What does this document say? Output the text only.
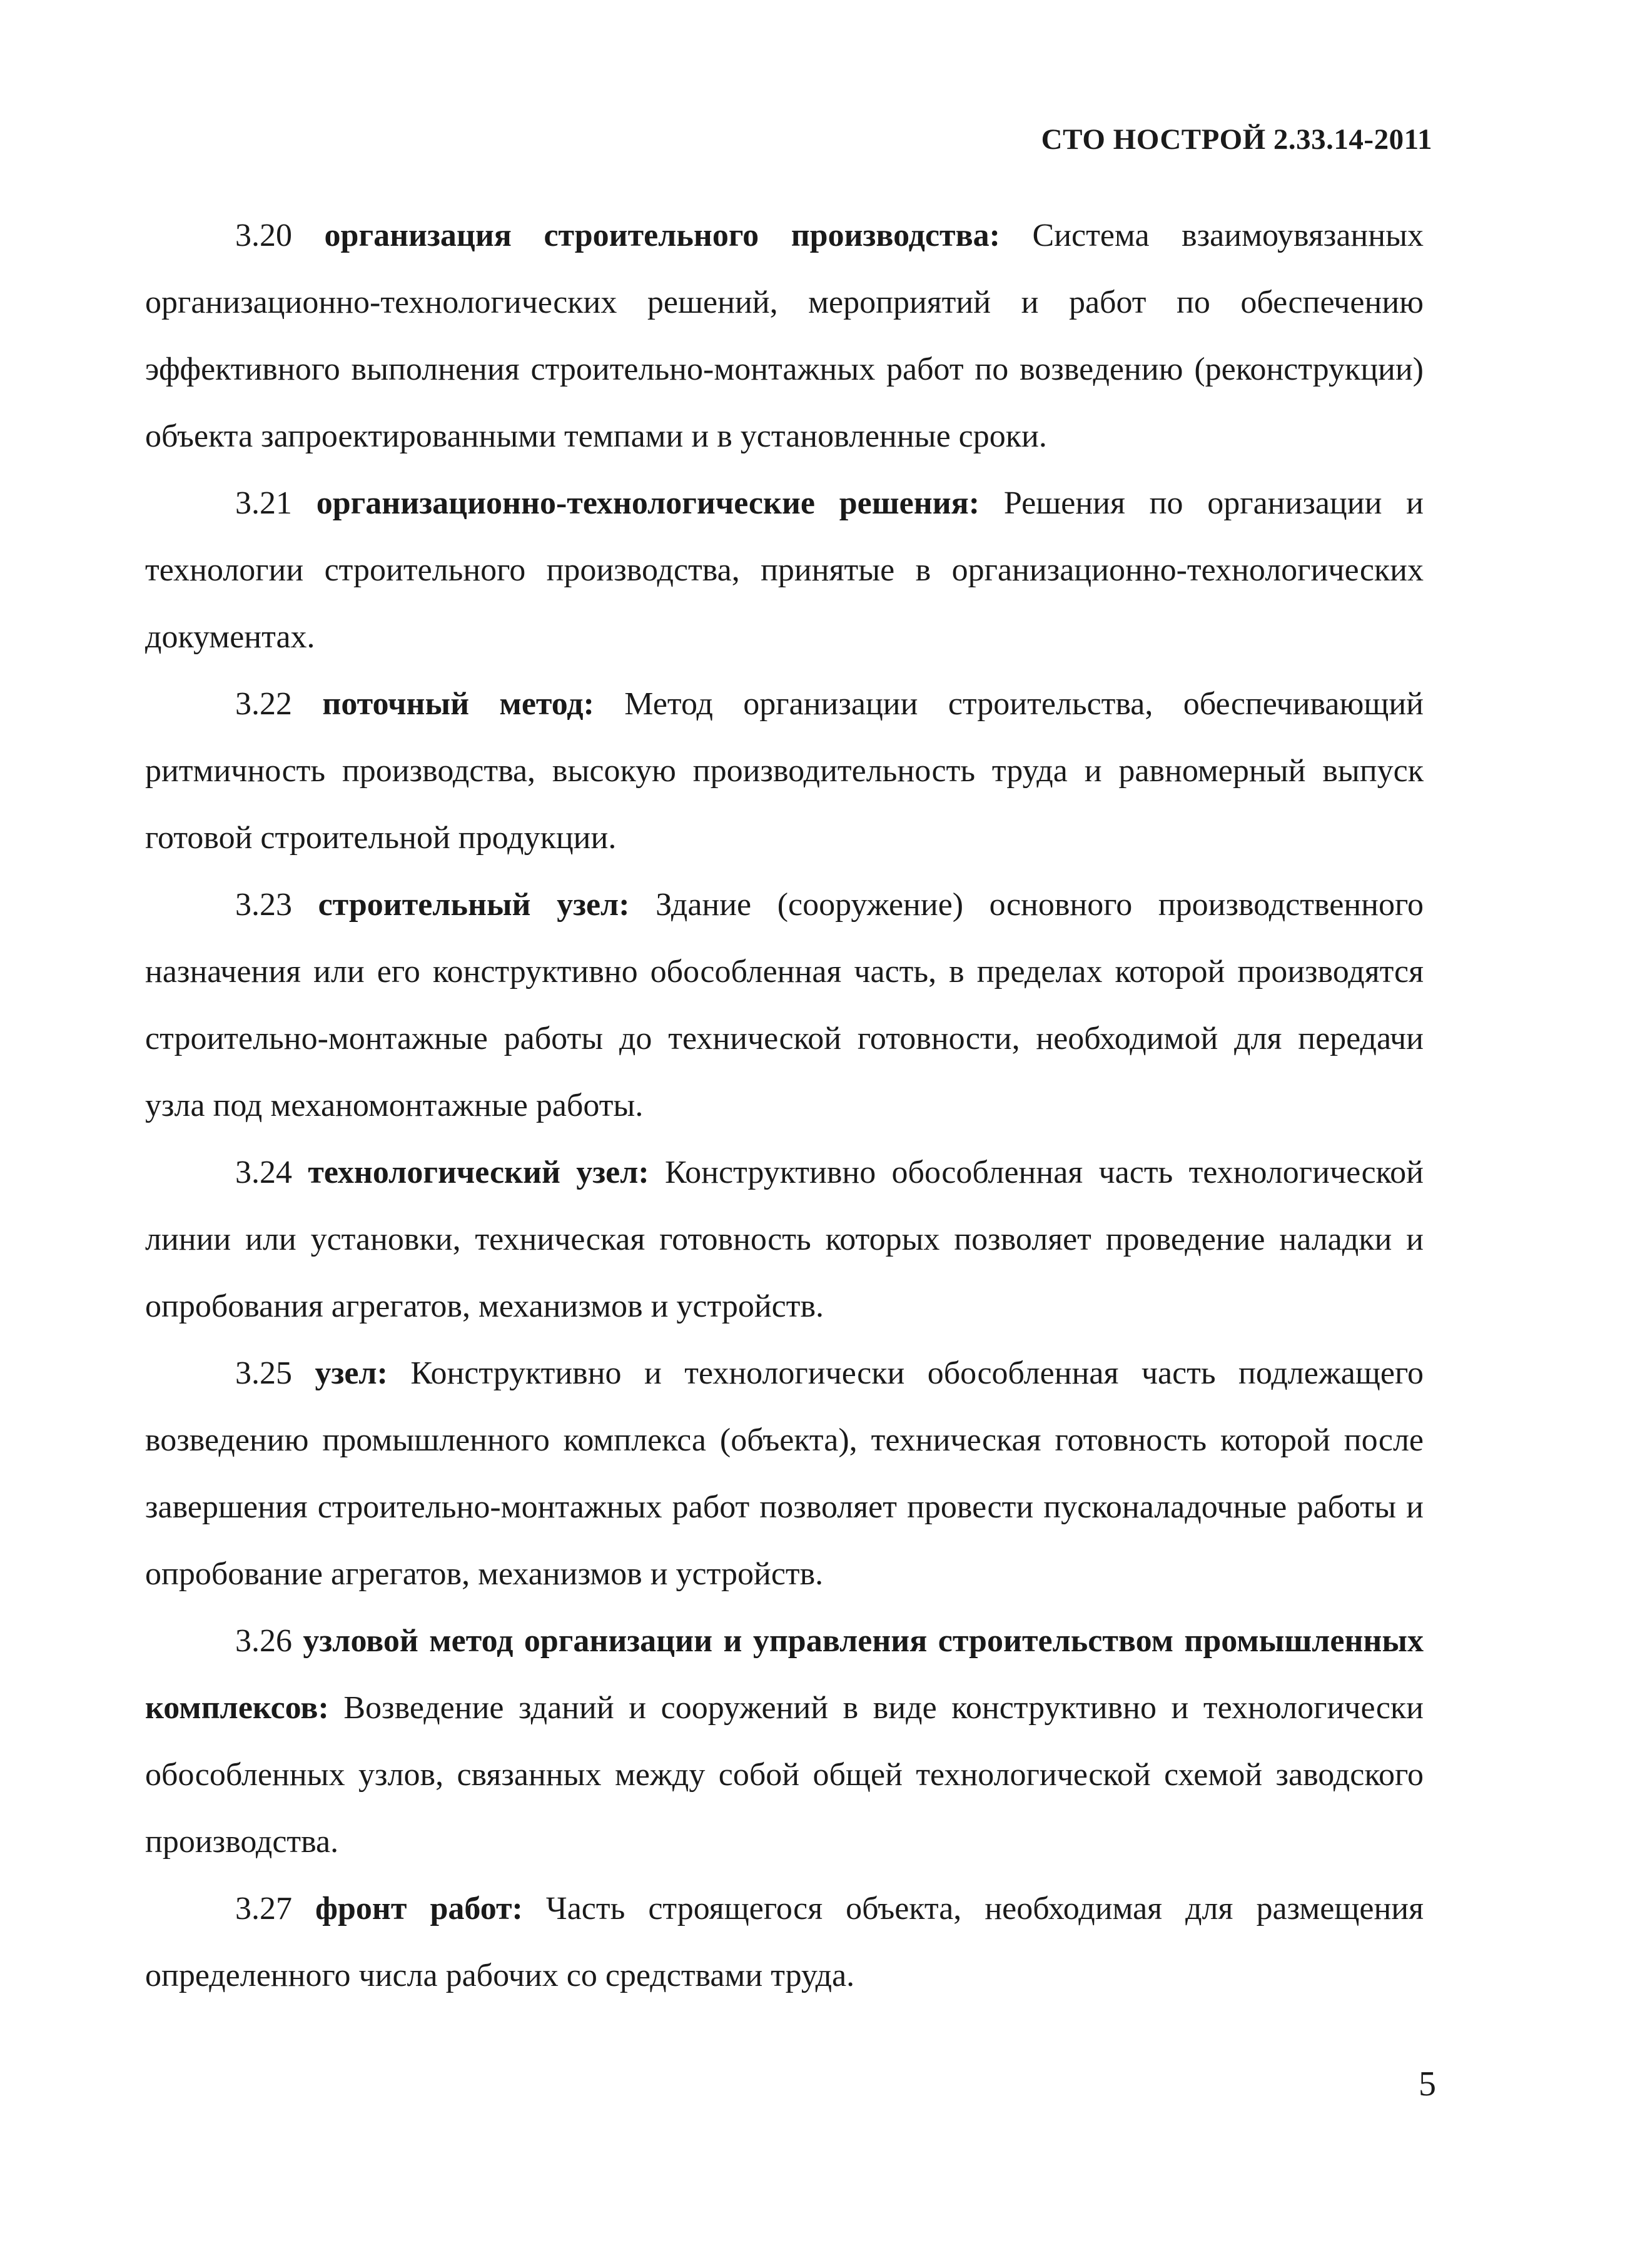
СТО НОСТРОЙ 2.33.14-2011

3.20 организация строительного производства: Система взаимоувязанных организационно-технологических решений, мероприятий и работ по обеспечению эффективного выполнения строительно-монтажных работ по возведению (реконструкции) объекта запроектированными темпами и в установленные сроки.

3.21 организационно-технологические решения: Решения по организации и технологии строительного производства, принятые в организационно-технологических документах.

3.22 поточный метод: Метод организации строительства, обеспечивающий ритмичность производства, высокую производительность труда и равномерный выпуск готовой строительной продукции.

3.23 строительный узел: Здание (сооружение) основного производственного назначения или его конструктивно обособленная часть, в пределах которой производятся строительно-монтажные работы до технической готовности, необходимой для передачи узла под механомонтажные работы.

3.24 технологический узел: Конструктивно обособленная часть технологической линии или установки, техническая готовность которых позволяет проведение наладки и опробования агрегатов, механизмов и устройств.

3.25 узел: Конструктивно и технологически обособленная часть подлежащего возведению промышленного комплекса (объекта), техническая готовность которой после завершения строительно-монтажных работ позволяет провести пусконаладочные работы и опробование агрегатов, механизмов и устройств.

3.26 узловой метод организации и управления строительством промышленных комплексов: Возведение зданий и сооружений в виде конструктивно и технологически обособленных узлов, связанных между собой общей технологической схемой заводского производства.

3.27 фронт работ: Часть строящегося объекта, необходимая для размещения определенного числа рабочих со средствами труда.

5
